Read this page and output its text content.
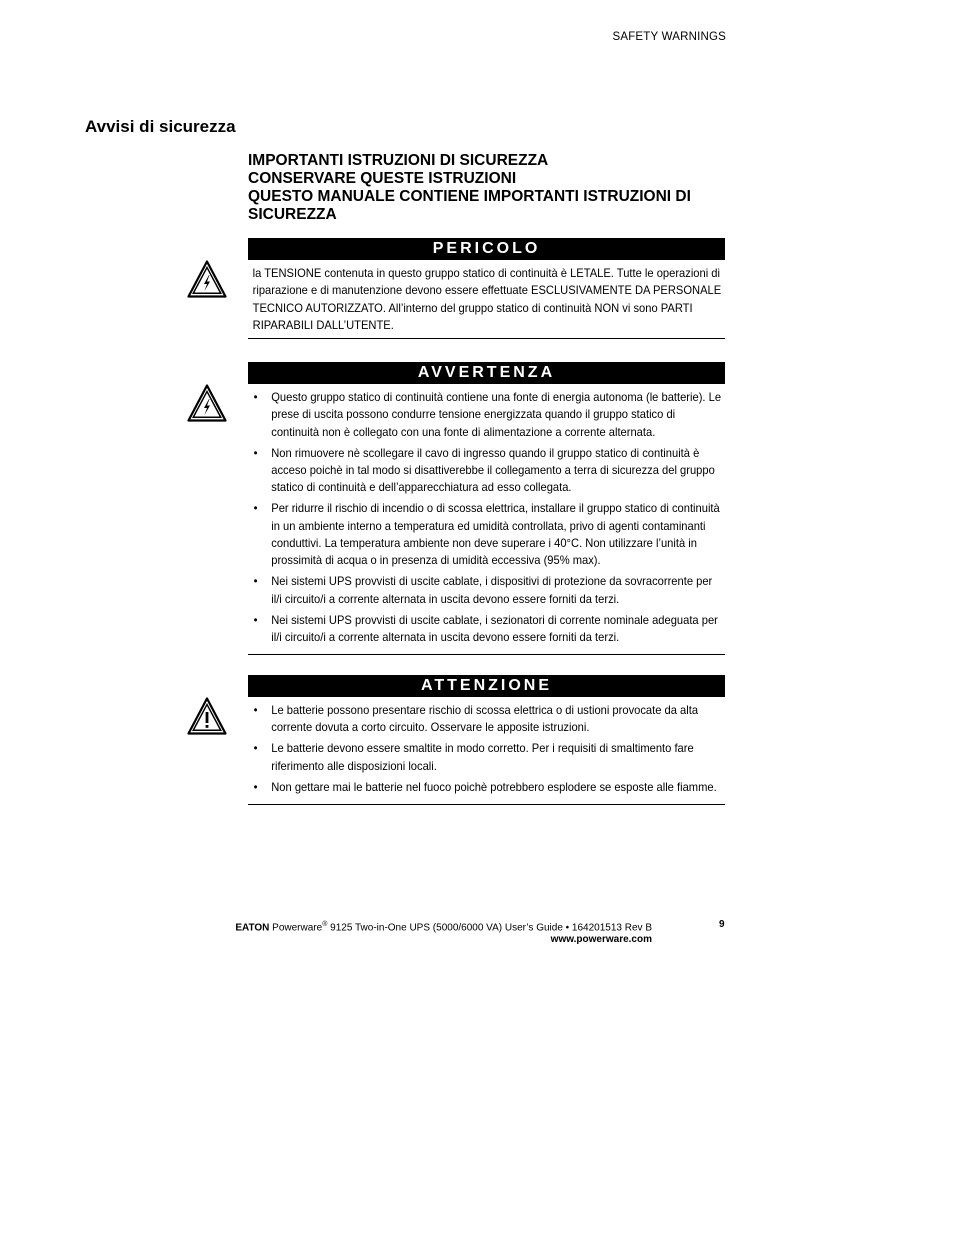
SAFETY WARNINGS
Avvisi di sicurezza
IMPORTANTI ISTRUZIONI DI SICUREZZA
CONSERVARE QUESTE ISTRUZIONI
QUESTO MANUALE CONTIENE IMPORTANTI ISTRUZIONI DI SICUREZZA
PERICOLO
la TENSIONE contenuta in questo gruppo statico di continuità è LETALE. Tutte le operazioni di riparazione e di manutenzione devono essere effettuate ESCLUSIVAMENTE DA PERSONALE TECNICO AUTORIZZATO. All’interno del gruppo statico di continuità NON vi sono PARTI RIPARABILI DALL’UTENTE.
AVVERTENZA
• Questo gruppo statico di continuità contiene una fonte di energia autonoma (le batterie). Le prese di uscita possono condurre tensione energizzata quando il gruppo statico di continuità non è collegato con una fonte di alimentazione a corrente alternata.
• Non rimuovere nè scollegare il cavo di ingresso quando il gruppo statico di continuità è acceso poichè in tal modo si disattiverebbe il collegamento a terra di sicurezza del gruppo statico di continuità e dell’apparecchiatura ad esso collegata.
• Per ridurre il rischio di incendio o di scossa elettrica, installare il gruppo statico di continuità in un ambiente interno a temperatura ed umidità controllata, privo di agenti contaminanti conduttivi. La temperatura ambiente non deve superare i 40°C. Non utilizzare l’unità in prossimità di acqua o in presenza di umidità eccessiva (95% max).
• Nei sistemi UPS provvisti di uscite cablate, i dispositivi di protezione da sovracorrente per il/i circuito/i a corrente alternata in uscita devono essere forniti da terzi.
• Nei sistemi UPS provvisti di uscite cablate, i sezionatori di corrente nominale adeguata per il/i circuito/i a corrente alternata in uscita devono essere forniti da terzi.
ATTENZIONE
• Le batterie possono presentare rischio di scossa elettrica o di ustioni provocate da alta corrente dovuta a corto circuito. Osservare le apposite istruzioni.
• Le batterie devono essere smaltite in modo corretto. Per i requisiti di smaltimento fare riferimento alle disposizioni locali.
• Non gettare mai le batterie nel fuoco poichè potrebbero esplodere se esposte alle fiamme.
EATON Powerware® 9125 Two-in-One UPS (5000/6000 VA) User’s Guide • 164201513 Rev B
www.powerware.com
9
